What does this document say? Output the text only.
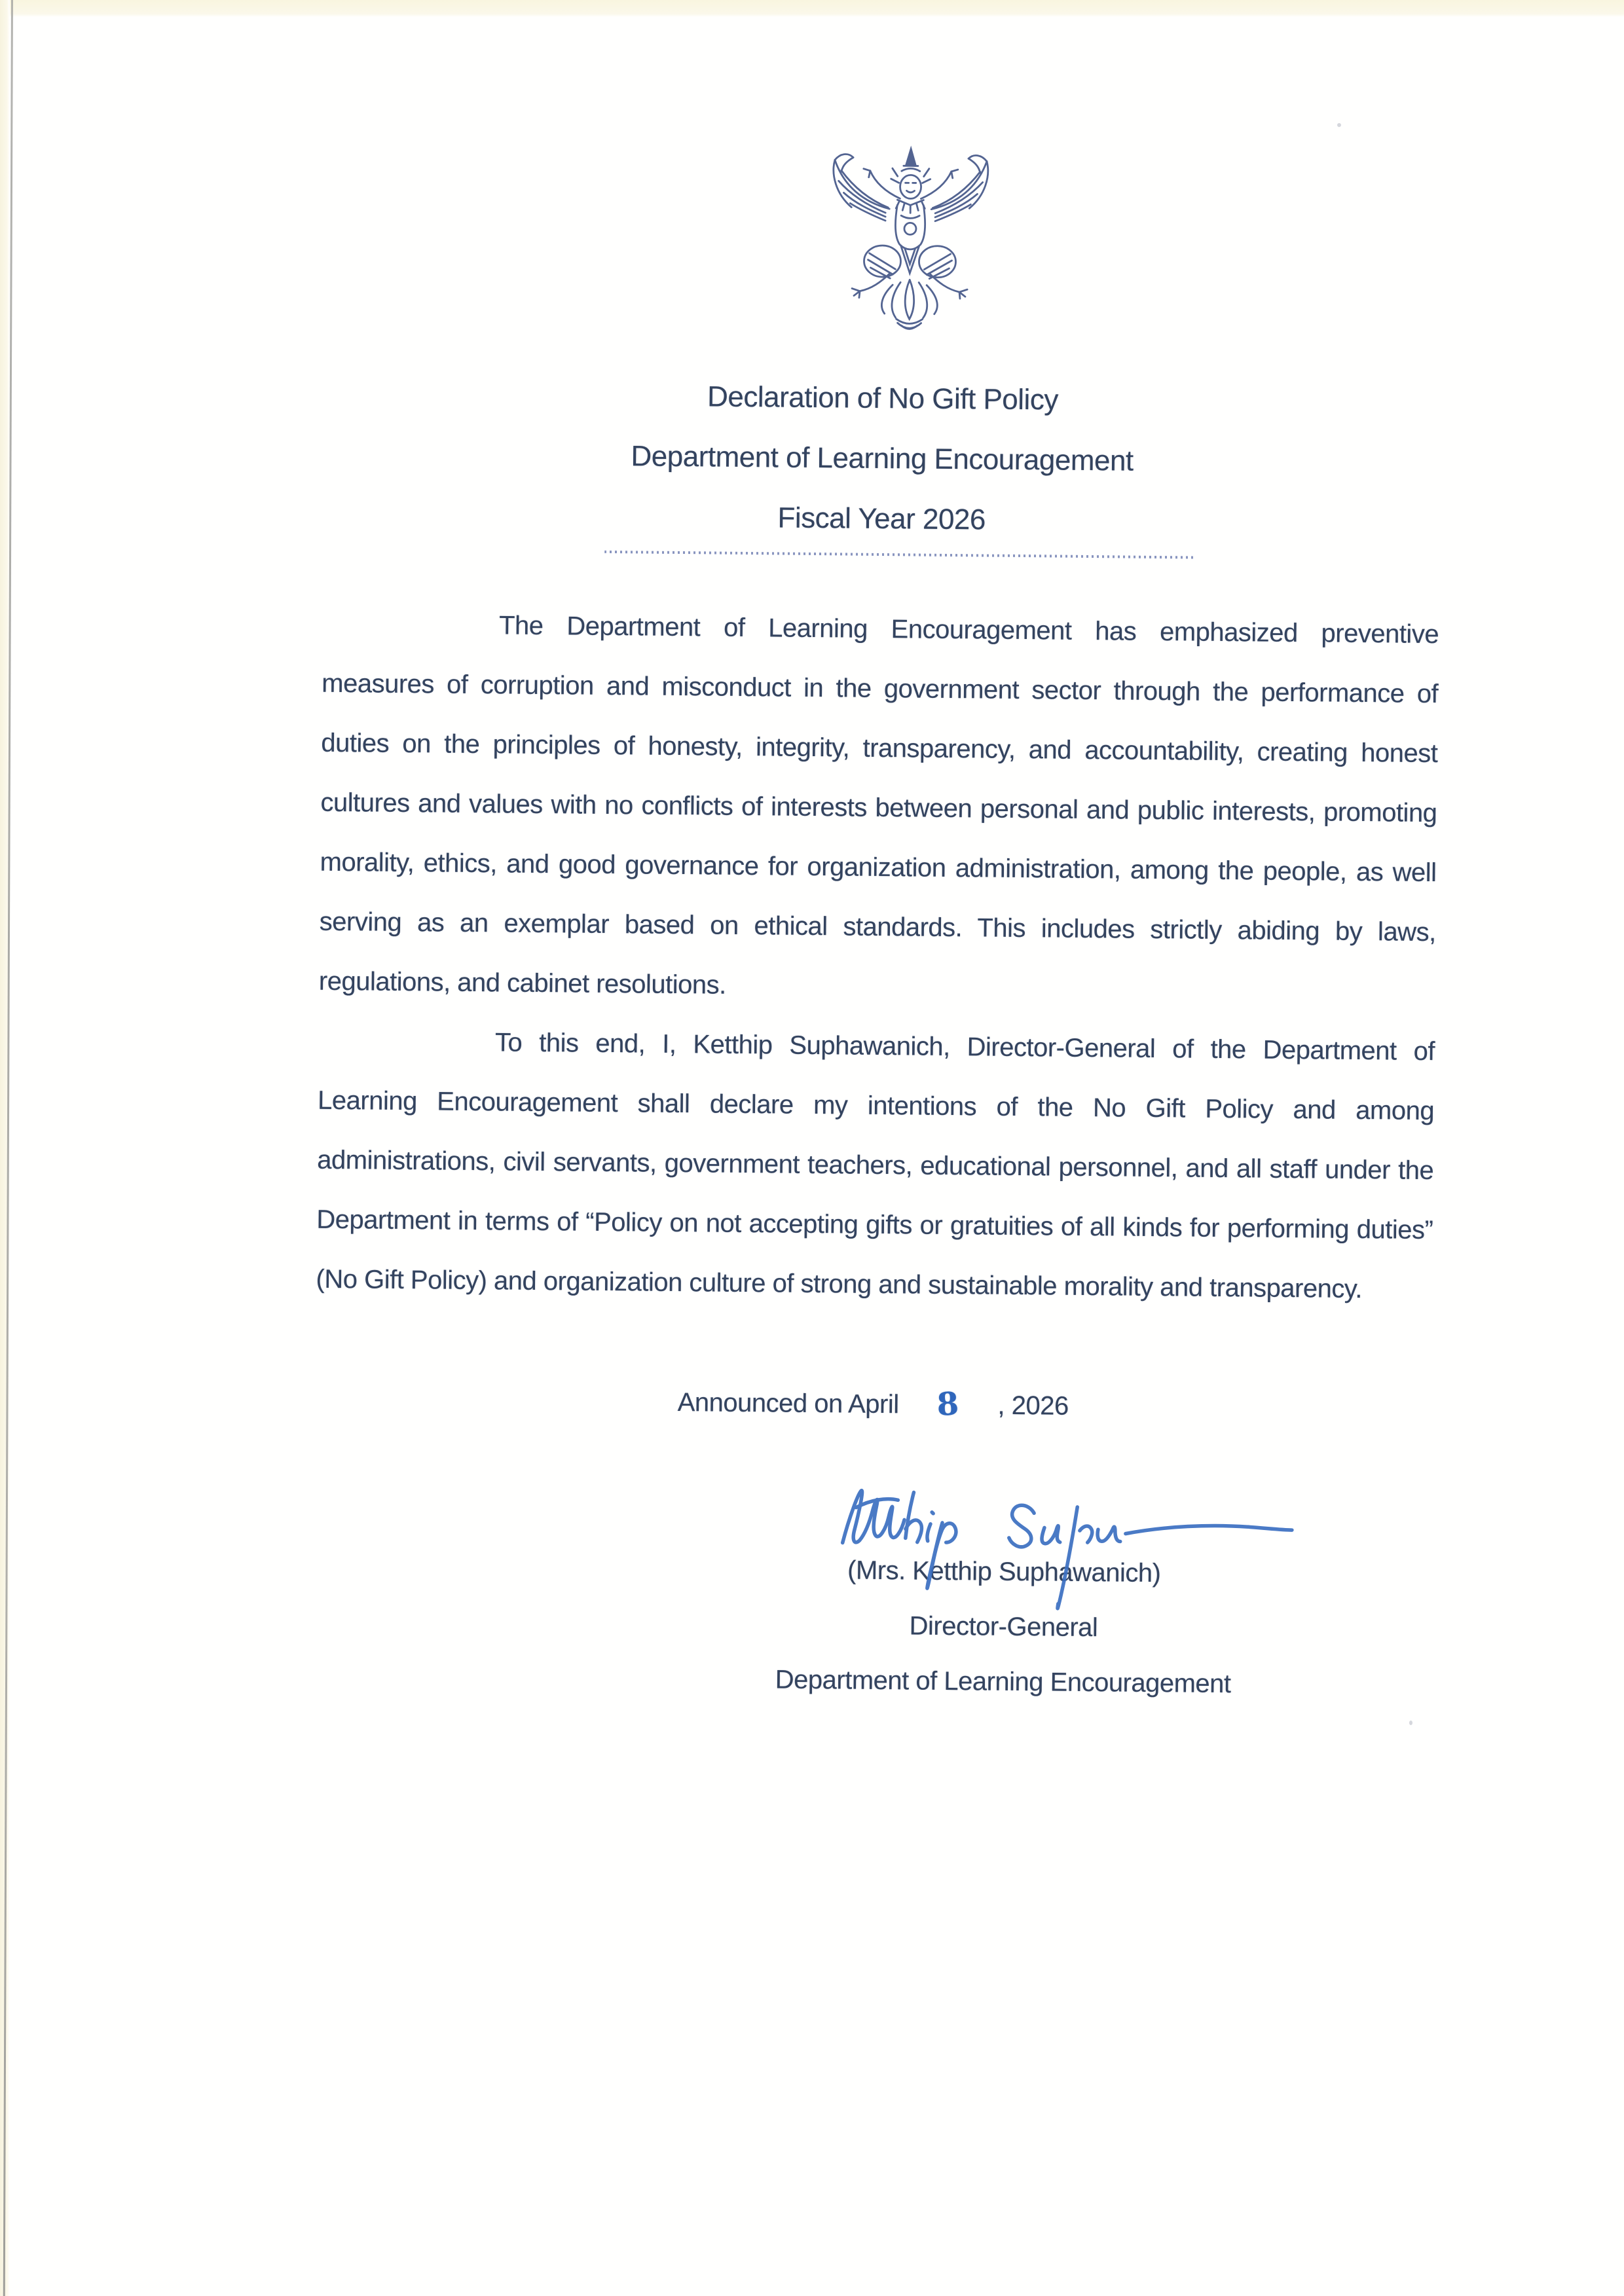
Declaration of No Gift Policy
Department of Learning Encouragement
Fiscal Year 2026

The Department of Learning Encouragement has emphasized preventive measures of corruption and misconduct in the government sector through the performance of duties on the principles of honesty, integrity, transparency, and accountability, creating honest cultures and values with no conflicts of interests between personal and public interests, promoting morality, ethics, and good governance for organization administration, among the people, as well serving as an exemplar based on ethical standards. This includes strictly abiding by laws, regulations, and cabinet resolutions.

To this end, I, Ketthip Suphawanich, Director-General of the Department of Learning Encouragement shall declare my intentions of the No Gift Policy and among administrations, civil servants, government teachers, educational personnel, and all staff under the Department in terms of “Policy on not accepting gifts or gratuities of all kinds for performing duties” (No Gift Policy) and organization culture of strong and sustainable morality and transparency.

Announced on April 8 , 2026
(Mrs. Ketthip Suphawanich)
Director-General
Department of Learning Encouragement
